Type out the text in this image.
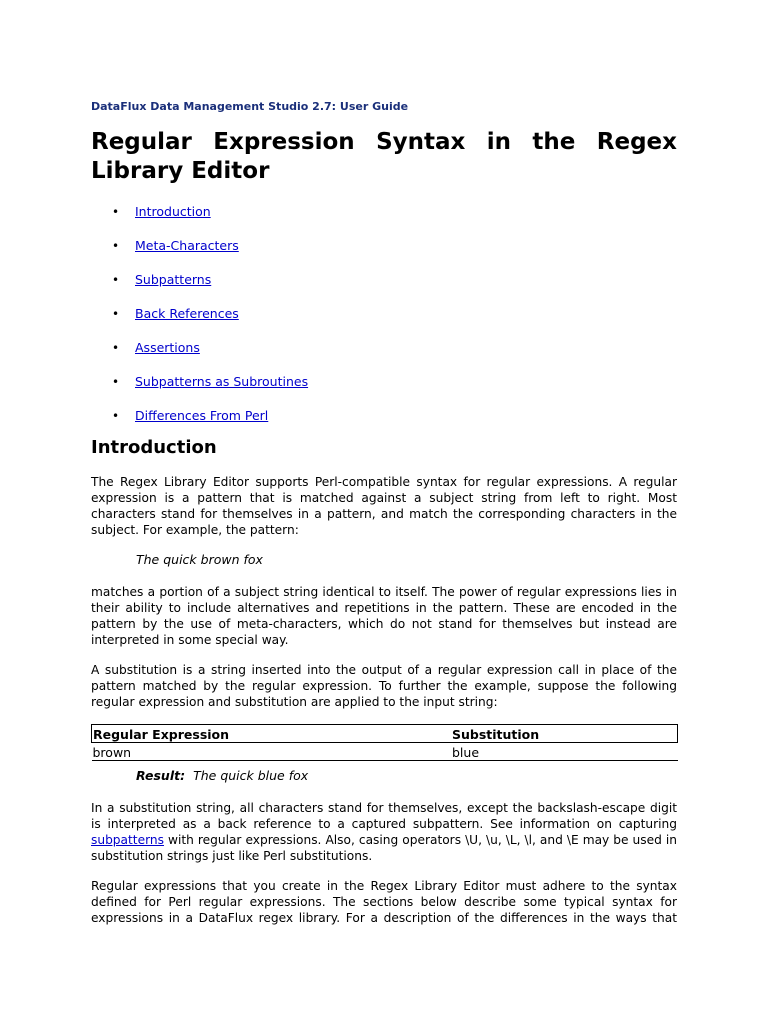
DataFlux Data Management Studio 2.7: User Guide
Regular Expression Syntax in the Regex Library Editor
• Introduction
• Meta-Characters
• Subpatterns
• Back References
• Assertions
• Subpatterns as Subroutines
• Differences From Perl
Introduction

The Regex Library Editor supports Perl-compatible syntax for regular expressions. A regular expression is a pattern that is matched against a subject string from left to right. Most characters stand for themselves in a pattern, and match the corresponding characters in the subject. For example, the pattern:

The quick brown fox

matches a portion of a subject string identical to itself. The power of regular expressions lies in their ability to include alternatives and repetitions in the pattern. These are encoded in the pattern by the use of meta-characters, which do not stand for themselves but instead are interpreted in some special way.

A substitution is a string inserted into the output of a regular expression call in place of the pattern matched by the regular expression. To further the example, suppose the following regular expression and substitution are applied to the input string:

Regular Expression	Substitution
brown	blue
Result: The quick blue fox

In a substitution string, all characters stand for themselves, except the backslash-escape digit is interpreted as a back reference to a captured subpattern. See information on capturing subpatterns with regular expressions. Also, casing operators \U, \u, \L, \l, and \E may be used in substitution strings just like Perl substitutions.

Regular expressions that you create in the Regex Library Editor must adhere to the syntax defined for Perl regular expressions. The sections below describe some typical syntax for expressions in a DataFlux regex library. For a description of the differences in the ways that
